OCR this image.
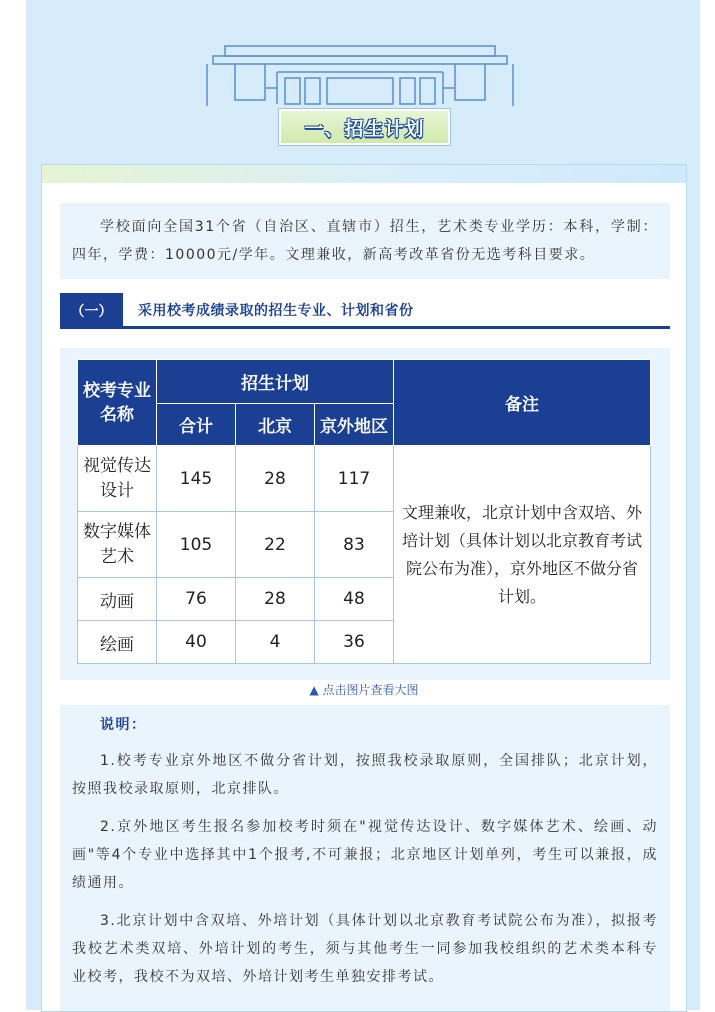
一、招生计划
学校面向全国31个省（自治区、直辖市）招生，艺术类专业学历：本科，学制：四年，学费：10000元/学年。文理兼收，新高考改革省份无选考科目要求。
（一）	采用校考成绩录取的招生专业、计划和省份
校考专业名称	招生计划			备注
	合计	北京	京外地区	
视觉传达设计	145	28	117	文理兼收，北京计划中含双培、外培计划（具体计划以北京教育考试院公布为准），京外地区不做分省计划。
数字媒体艺术	105	22	83	
动画	76	28	48	
绘画	40	4	36	
▲ 点击图片查看大图
说明：

1.校考专业京外地区不做分省计划，按照我校录取原则，全国排队；北京计划，按照我校录取原则，北京排队。

2.京外地区考生报名参加校考时须在"视觉传达设计、数字媒体艺术、绘画、动画"等4个专业中选择其中1个报考,不可兼报；北京地区计划单列，考生可以兼报，成绩通用。

3.北京计划中含双培、外培计划（具体计划以北京教育考试院公布为准），拟报考我校艺术类双培、外培计划的考生，须与其他考生一同参加我校组织的艺术类本科专业校考，我校不为双培、外培计划考生单独安排考试。
